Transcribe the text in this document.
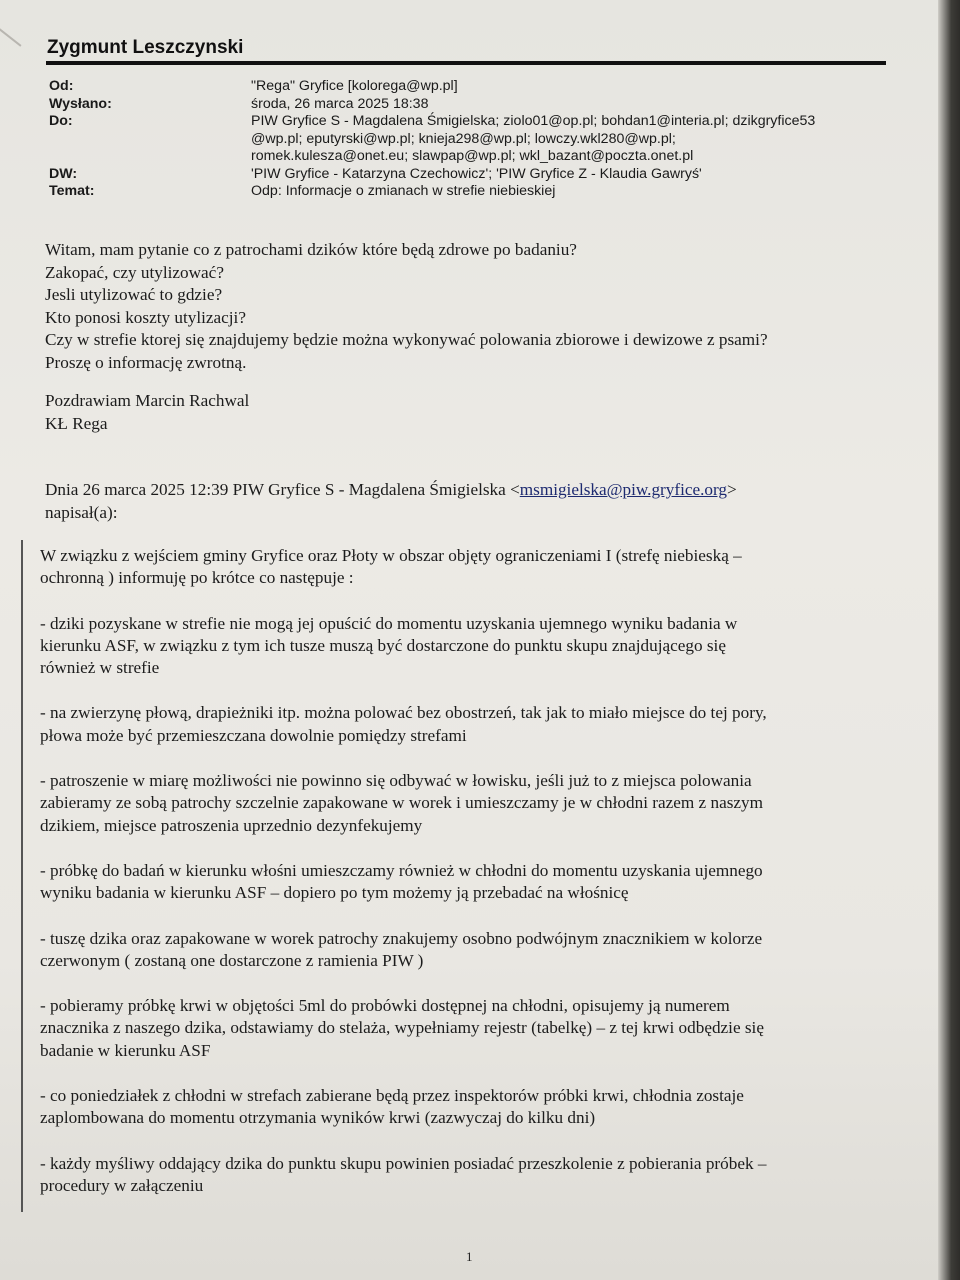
Zygmunt Leszczynski
Od:	"Rega" Gryfice [koloregа@wp.pl]
Wysłano:	środa, 26 marca 2025 18:38
Do:	PIW Gryfice S - Magdalena Śmigielska; ziolo01@op.pl; bohdan1@interia.pl; dzikgryfice53
@wp.pl; eputyrski@wp.pl; knieja298@wp.pl; lowczy.wkl280@wp.pl;
romek.kulesza@onet.eu; slawpap@wp.pl; wkl_bazant@poczta.onet.pl
DW:	'PIW Gryfice - Katarzyna Czechowicz'; 'PIW Gryfice Z - Klaudia Gawryś'
Temat:	Odp: Informacje o zmianach w strefie niebieskiej
Witam, mam pytanie co z patrochami dzików które będą zdrowe po badaniu?
Zakopać, czy utylizować?
Jesli utylizować to gdzie?
Kto ponosi koszty utylizacji?
Czy w strefie ktorej się znajdujemy będzie można wykonywać polowania zbiorowe i dewizowe z psami?
Proszę o informację zwrotną.
Pozdrawiam Marcin Rachwal
KŁ Rega
Dnia 26 marca 2025 12:39 PIW Gryfice S - Magdalena Śmigielska <msmigielska@piw.gryfice.org>
napisał(a):

W związku z wejściem gminy Gryfice oraz Płoty w obszar objęty ograniczeniami I (strefę niebieską –
ochronną ) informuję po krótce co następuje :

- dziki pozyskane w strefie nie mogą jej opuścić do momentu uzyskania ujemnego wyniku badania w
kierunku ASF, w związku z tym ich tusze muszą być dostarczone do punktu skupu znajdującego się
również w strefie

- na zwierzynę płową, drapieżniki itp. można polować bez obostrzeń, tak jak to miało miejsce do tej pory,
płowa może być przemieszczana dowolnie pomiędzy strefami

- patroszenie w miarę możliwości nie powinno się odbywać w łowisku, jeśli już to z miejsca polowania
zabieramy ze sobą patrochy szczelnie zapakowane w worek i umieszczamy je w chłodni razem z naszym
dzikiem, miejsce patroszenia uprzednio dezynfekujemy

- próbkę do badań w kierunku włośni umieszczamy również w chłodni do momentu uzyskania ujemnego
wyniku badania w kierunku ASF – dopiero po tym możemy ją przebadać na włośnicę

- tuszę dzika oraz zapakowane w worek patrochy znakujemy osobno podwójnym znacznikiem w kolorze
czerwonym ( zostaną one dostarczone z ramienia PIW )

- pobieramy próbkę krwi w objętości 5ml do probówki dostępnej na chłodni, opisujemy ją numerem
znacznika z naszego dzika, odstawiamy do stelaża, wypełniamy rejestr (tabelkę) – z tej krwi odbędzie się
badanie w kierunku ASF

- co poniedziałek z chłodni w strefach zabierane będą przez inspektorów próbki krwi, chłodnia zostaje
zaplombowana do momentu otrzymania wyników krwi (zazwyczaj do kilku dni)

- każdy myśliwy oddający dzika do punktu skupu powinien posiadać przeszkolenie z pobierania próbek –
procedury w załączeniu

1
